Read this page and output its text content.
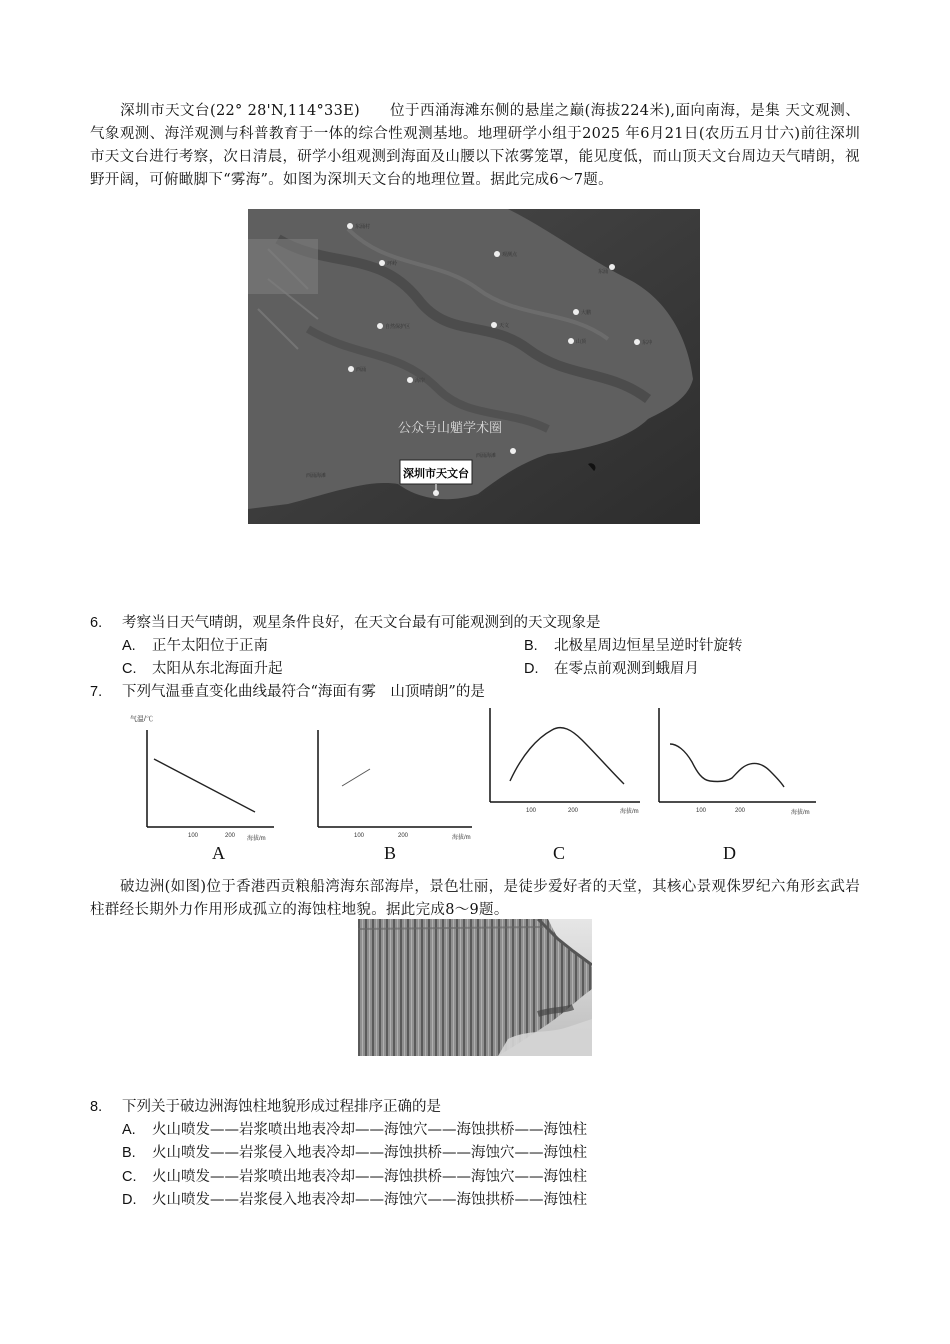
深圳市天文台(22° 28'N,114°33E)　　位于西涌海滩东侧的悬崖之巅(海拔224米),面向南海，是集 天文观测、气象观测、海洋观测与科普教育于一体的综合性观测基地。地理研学小组于2025 年6月21日(农历五月廿六)前往深圳市天文台进行考察，次日清晨，研学小组观测到海面及山腰以下浓雾笼罩，能见度低，而山顶天文台周边天气晴朗，视野开阔，可俯瞰脚下“雾海”。如图为深圳天文台的地理位置。据此完成6～7题。
东涌村
坪岭
观测点
东涌
自然保护区	天文
大鹏
山顶	东冲
西涌
海岸
西涌海滩
西涌海滩
公众号山魈学术圈
深圳市天文台
6. 考察当日天气晴朗，观星条件良好，在天文台最有可能观测到的天文现象是
A. 正午太阳位于正南	B. 北极星周边恒星呈逆时针旋转
C. 太阳从东北海面升起	D. 在零点前观测到蛾眉月
7. 下列气温垂直变化曲线最符合“海面有雾　山顶晴朗”的是
气温/℃
100	200 海拔/m
A
100	200	海拔/m
B
100	200	海拔/m
C
100	200	海拔/m
D
破边洲(如图)位于香港西贡粮船湾海东部海岸，景色壮丽，是徒步爱好者的天堂，其核心景观侏罗纪六角形玄武岩柱群经长期外力作用形成孤立的海蚀柱地貌。据此完成8～9题。
8. 下列关于破边洲海蚀柱地貌形成过程排序正确的是
A. 火山喷发——岩浆喷出地表冷却——海蚀穴——海蚀拱桥——海蚀柱
B. 火山喷发——岩浆侵入地表冷却——海蚀拱桥——海蚀穴——海蚀柱
C. 火山喷发——岩浆喷出地表冷却——海蚀拱桥——海蚀穴——海蚀柱
D. 火山喷发——岩浆侵入地表冷却——海蚀穴——海蚀拱桥——海蚀柱
